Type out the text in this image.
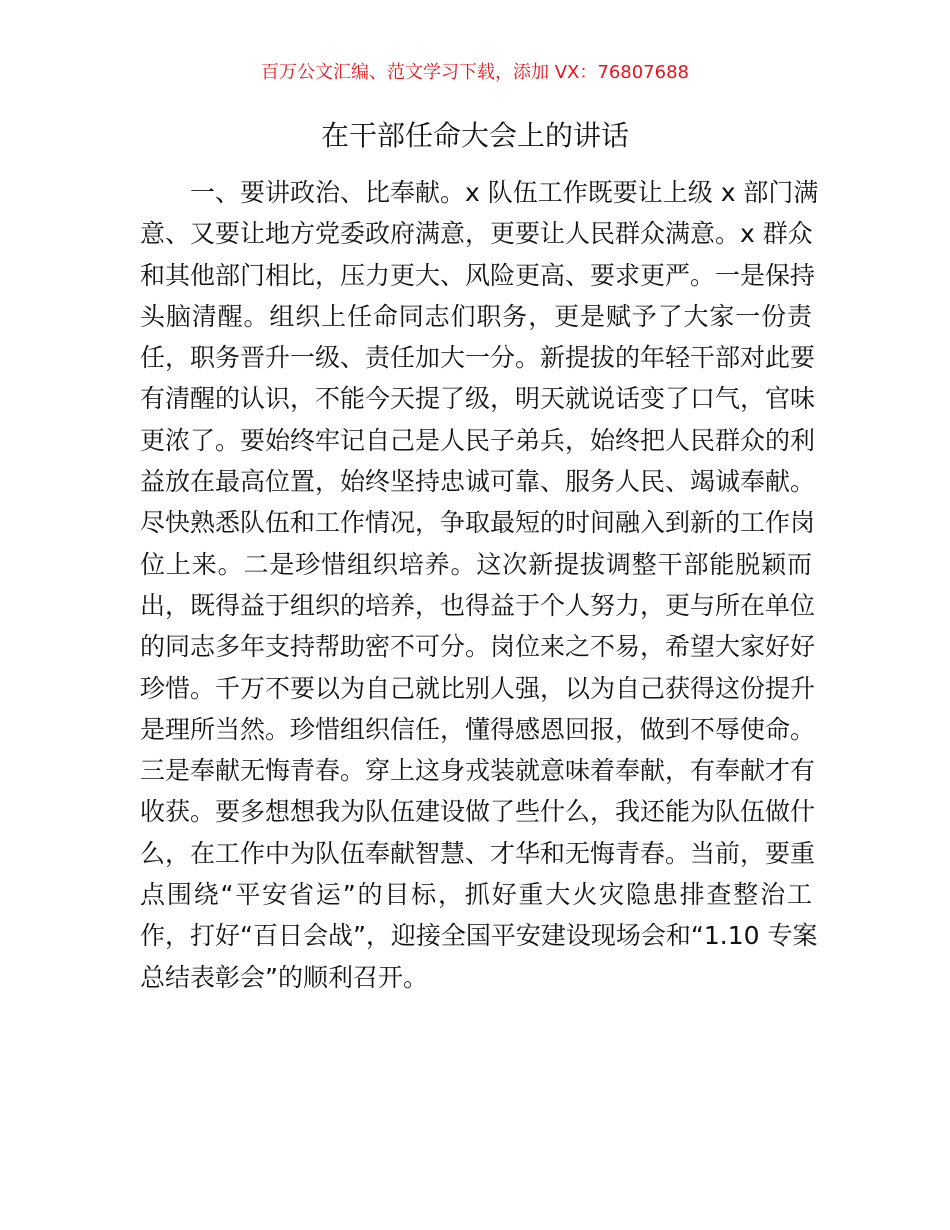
百万公文汇编、范文学习下载，添加 VX：76807688
在干部任命大会上的讲话
　　一、要讲政治、比奉献。x 队伍工作既要让上级 x 部门满
意、又要让地方党委政府满意，更要让人民群众满意。x 群众
和其他部门相比，压力更大、风险更高、要求更严。一是保持
头脑清醒。组织上任命同志们职务，更是赋予了大家一份责
任，职务晋升一级、责任加大一分。新提拔的年轻干部对此要
有清醒的认识，不能今天提了级，明天就说话变了口气，官味
更浓了。要始终牢记自己是人民子弟兵，始终把人民群众的利
益放在最高位置，始终坚持忠诚可靠、服务人民、竭诚奉献。
尽快熟悉队伍和工作情况，争取最短的时间融入到新的工作岗
位上来。二是珍惜组织培养。这次新提拔调整干部能脱颖而
出，既得益于组织的培养，也得益于个人努力，更与所在单位
的同志多年支持帮助密不可分。岗位来之不易，希望大家好好
珍惜。千万不要以为自己就比别人强，以为自己获得这份提升
是理所当然。珍惜组织信任，懂得感恩回报，做到不辱使命。
三是奉献无悔青春。穿上这身戎装就意味着奉献，有奉献才有
收获。要多想想我为队伍建设做了些什么，我还能为队伍做什
么，在工作中为队伍奉献智慧、才华和无悔青春。当前，要重
点围绕“平安省运”的目标，抓好重大火灾隐患排查整治工
作，打好“百日会战”，迎接全国平安建设现场会和“1.10 专案
总结表彰会”的顺利召开。
